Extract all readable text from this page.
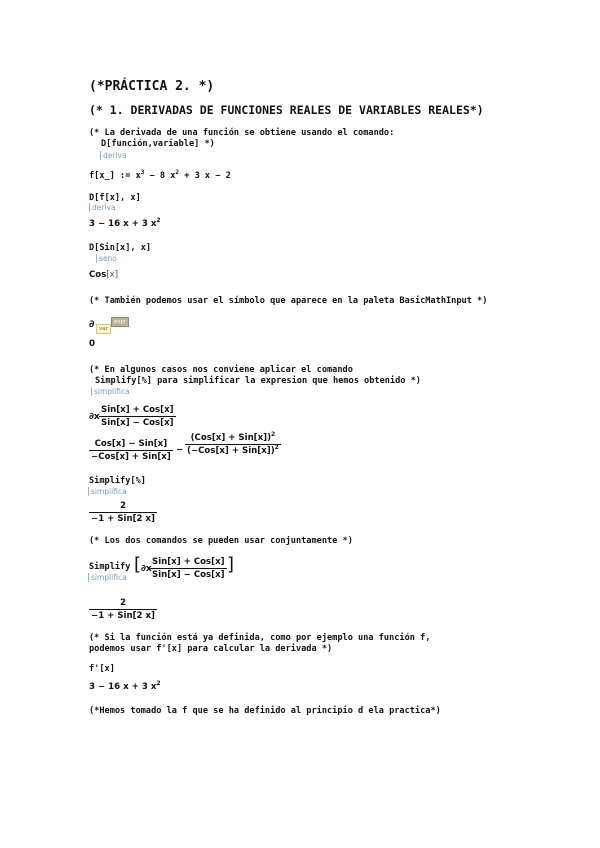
(*PRÁCTICA 2. *)
(* 1. DERIVADAS DE FUNCIONES REALES DE VARIABLES REALES*)
(* La derivada de una función se obtiene usando el comando:
D[función,variable] *)
deriva
f[x_] := $x^3 - 8$ $x^2 + 3$ x − 2
D[f[x], x]
deriva
3 − 16 x + 3 $x^2$
D[Sin[x], x]
seno
Cos[x]
(* También podemos usar el símbolo que aparece en la paleta BasicMathInput *)
∂ var
expr
0
(* En algunos casos nos conviene aplicar el comando
Simplify[%] para simplificar la expresion que hemos obtenido *)
simplifica
∂x
Sin[x] + Cos[x]
Sin[x] − Cos[x]
Cos[x] − Sin[x]
−Cos[x] + Sin[x]
−
$(Cos[x] + Sin[x])^2$
$(-Cos[x] + Sin[x])^2$
Simplify[%]
simplifica
2
−1 + Sin[2 x]
(* Los dos comandos se pueden usar conjuntamente *)
Simplify
simplifica
[ ∂x
Sin[x] + Cos[x]
Sin[x] − Cos[x] ]
2
−1 + Sin[2 x]
(* Si la función está ya definida, como por ejemplo una función f,
podemos usar f'[x] para calcular la derivada *)
f'[x]
3 − 16 x + 3 $x^2$
(*Hemos tomado la f que se ha definido al principio d ela practica*)
